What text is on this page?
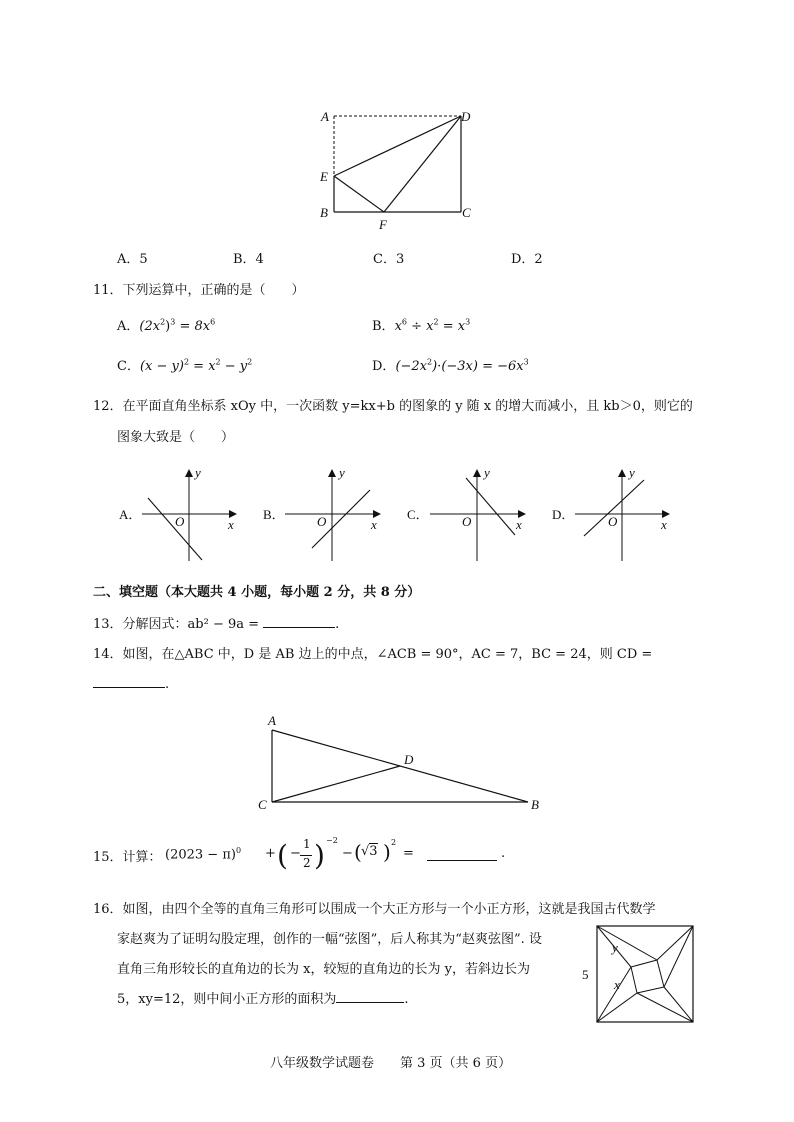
A	D
E
B
F
C
A．5	B．4	C．3	D．2
11．下列运算中，正确的是（　　）
A．$(2x^2)^3 = 8x^6$	B．$x^6 \div x^2 = x^3$
C．$(x - y)^2 = x^2 - y^2$	D．$(-2x^2)\cdot(-3x) = -6x^3$
12．在平面直角坐标系 xOy 中，一次函数 y=kx+b 的图象的 y 随 x 的增大而减小，且 kb＞0，则它的
图象大致是（　　）
A．
y
x
O	B．
y
x
O	C．
y
x
O	D．
y
x
O
二、填空题（本大题共 4 小题，每小题 2 分，共 8 分）
13．分解因式：ab² − 9a =	.
14．如图，在△ABC 中，D 是 AB 边上的中点，∠ACB = 90°，AC = 7，BC = 24，则 CD =
.
A
D
C	B
15．计算： $(2023 - \pi)^0$ + ( −
1
2 ) −2
− ( √3 ) 2
=	.
16．如图，由四个全等的直角三角形可以围成一个大正方形与一个小正方形，这就是我国古代数学
家赵爽为了证明勾股定理，创作的一幅“弦图”，后人称其为“赵爽弦图”. 设
直角三角形较长的直角边的长为 x，较短的直角边的长为 y，若斜边长为
5，xy=12，则中间小正方形的面积为	.
5
y
x
八年级数学试题卷　　第 3 页（共 6 页）
